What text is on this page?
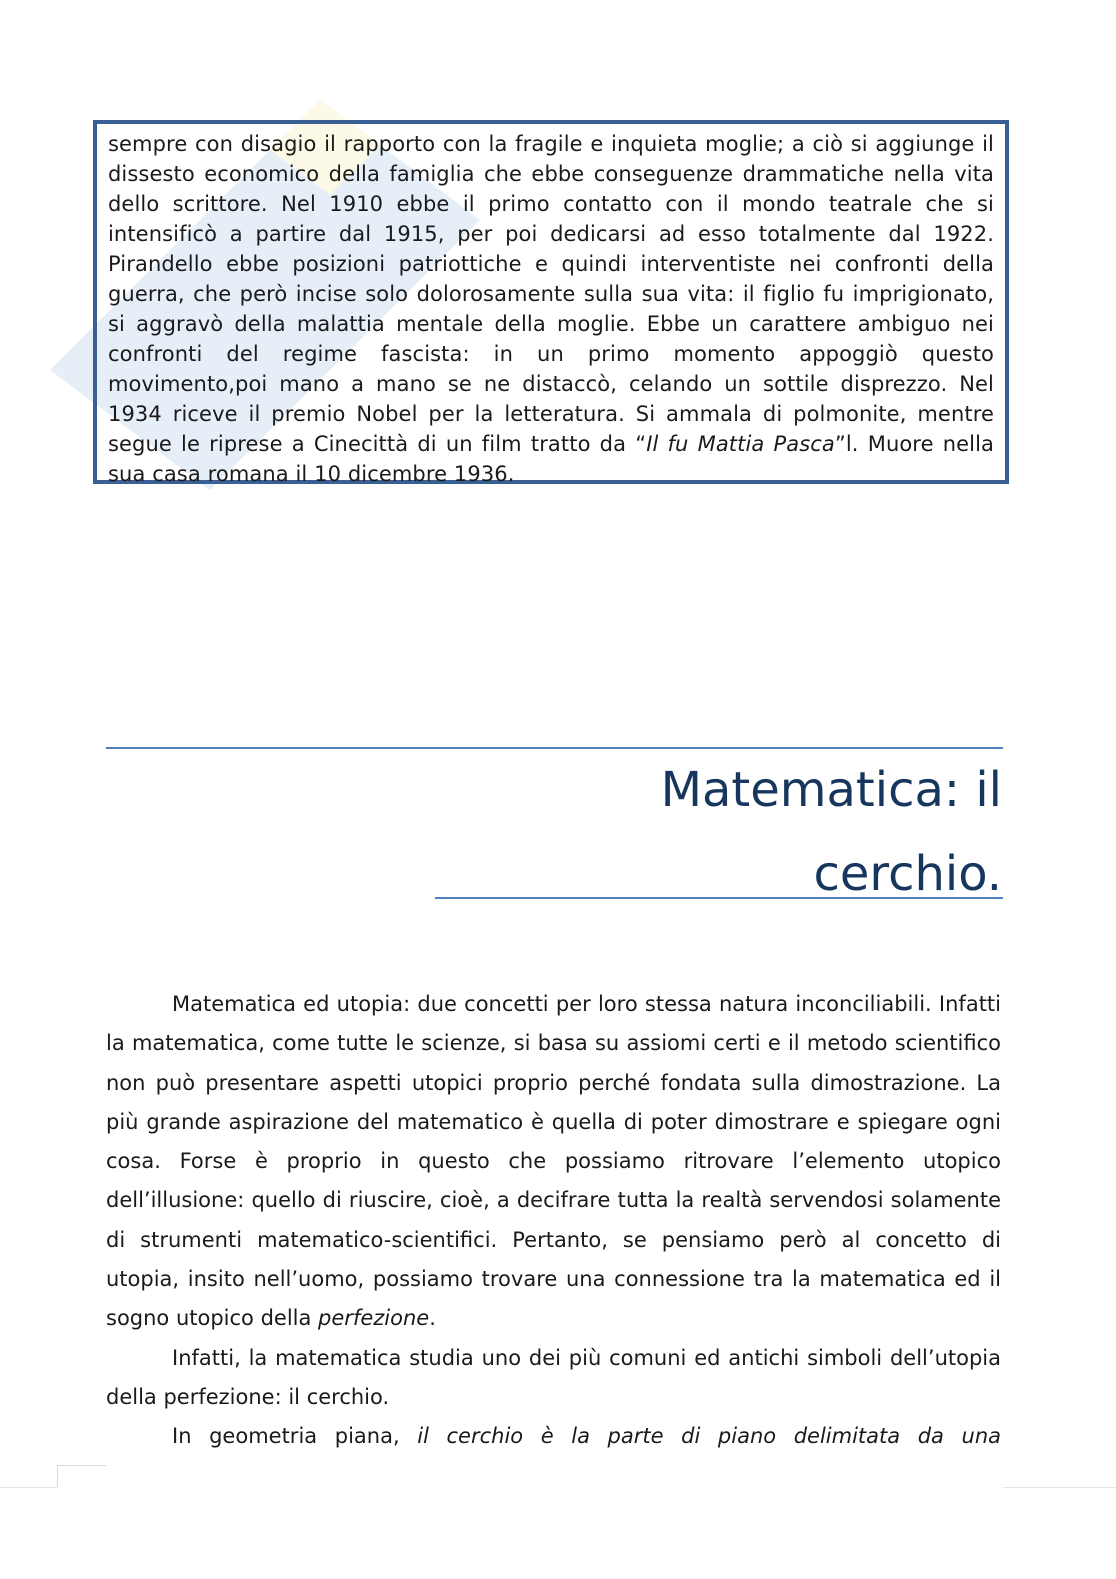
sempre con disagio il rapporto con la fragile e inquieta moglie; a ciò si aggiunge il dissesto economico della famiglia che ebbe conseguenze drammatiche nella vita dello scrittore. Nel 1910 ebbe il primo contatto con il mondo teatrale che si intensificò a partire dal 1915, per poi dedicarsi ad esso totalmente dal 1922. Pirandello ebbe posizioni patriottiche e quindi interventiste nei confronti della guerra, che però incise solo dolorosamente sulla sua vita: il figlio fu imprigionato, si aggravò della malattia mentale della moglie. Ebbe un carattere ambiguo nei confronti del regime fascista: in un primo momento appoggiò questo movimento,poi mano a mano se ne distaccò, celando un sottile disprezzo. Nel 1934 riceve il premio Nobel per la letteratura. Si ammala di polmonite, mentre segue le riprese a Cinecittà di un film tratto da “Il fu Mattia Pasca”l. Muore nella sua casa romana il 10 dicembre 1936.

Matematica: il
cerchio.

Matematica ed utopia: due concetti per loro stessa natura inconciliabili. Infatti la matematica, come tutte le scienze, si basa su assiomi certi e il metodo scientifico non può presentare aspetti utopici proprio perché fondata sulla dimostrazione. La più grande aspirazione del matematico è quella di poter dimostrare e spiegare ogni cosa. Forse è proprio in questo che possiamo ritrovare l’elemento utopico dell’illusione: quello di riuscire, cioè, a decifrare tutta la realtà servendosi solamente di strumenti matematico-scientifici. Pertanto, se pensiamo però al concetto di utopia, insito nell’uomo, possiamo trovare una connessione tra la matematica ed il sogno utopico della perfezione.

Infatti, la matematica studia uno dei più comuni ed antichi simboli dell’utopia della perfezione: il cerchio.

In geometria piana, il cerchio è la parte di piano delimitata da una
